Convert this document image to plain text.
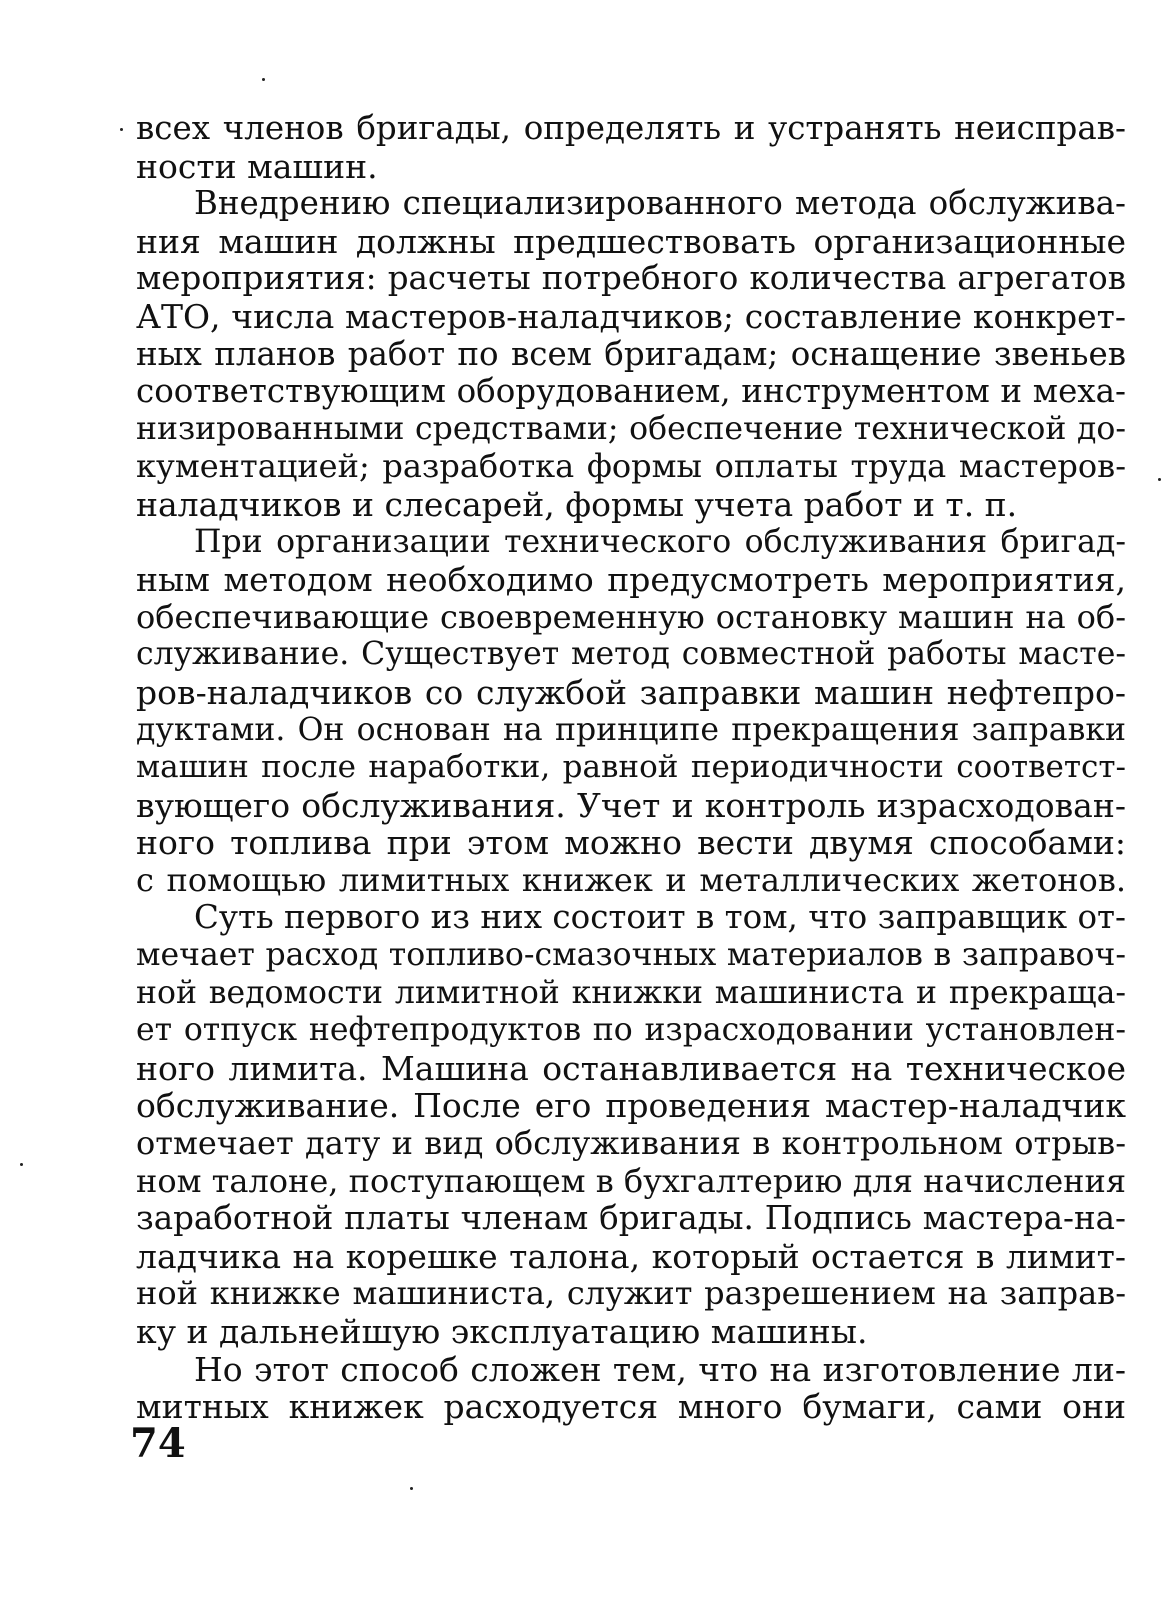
всех членов бригады, определять и устранять неисправ-
ности машин.
Внедрению специализированного метода обслужива-
ния машин должны предшествовать организационные
мероприятия: расчеты потребного количества агрегатов
АТО, числа мастеров-наладчиков; составление конкрет-
ных планов работ по всем бригадам; оснащение звеньев
соответствующим оборудованием, инструментом и меха-
низированными средствами; обеспечение технической до-
кументацией; разработка формы оплаты труда мастеров-
наладчиков и слесарей, формы учета работ и т. п.
При организации технического обслуживания бригад-
ным методом необходимо предусмотреть мероприятия,
обеспечивающие своевременную остановку машин на об-
служивание. Существует метод совместной работы масте-
ров-наладчиков со службой заправки машин нефтепро-
дуктами. Он основан на принципе прекращения заправки
машин после наработки, равной периодичности соответст-
вующего обслуживания. Учет и контроль израсходован-
ного топлива при этом можно вести двумя способами:
с помощью лимитных книжек и металлических жетонов.
Суть первого из них состоит в том, что заправщик от-
мечает расход топливо-смазочных материалов в заправоч-
ной ведомости лимитной книжки машиниста и прекраща-
ет отпуск нефтепродуктов по израсходовании установлен-
ного лимита. Машина останавливается на техническое
обслуживание. После его проведения мастер-наладчик
отмечает дату и вид обслуживания в контрольном отрыв-
ном талоне, поступающем в бухгалтерию для начисления
заработной платы членам бригады. Подпись мастера-на-
ладчика на корешке талона, который остается в лимит-
ной книжке машиниста, служит разрешением на заправ-
ку и дальнейшую эксплуатацию машины.
Но этот способ сложен тем, что на изготовление ли-
митных книжек расходуется много бумаги, сами они
74
